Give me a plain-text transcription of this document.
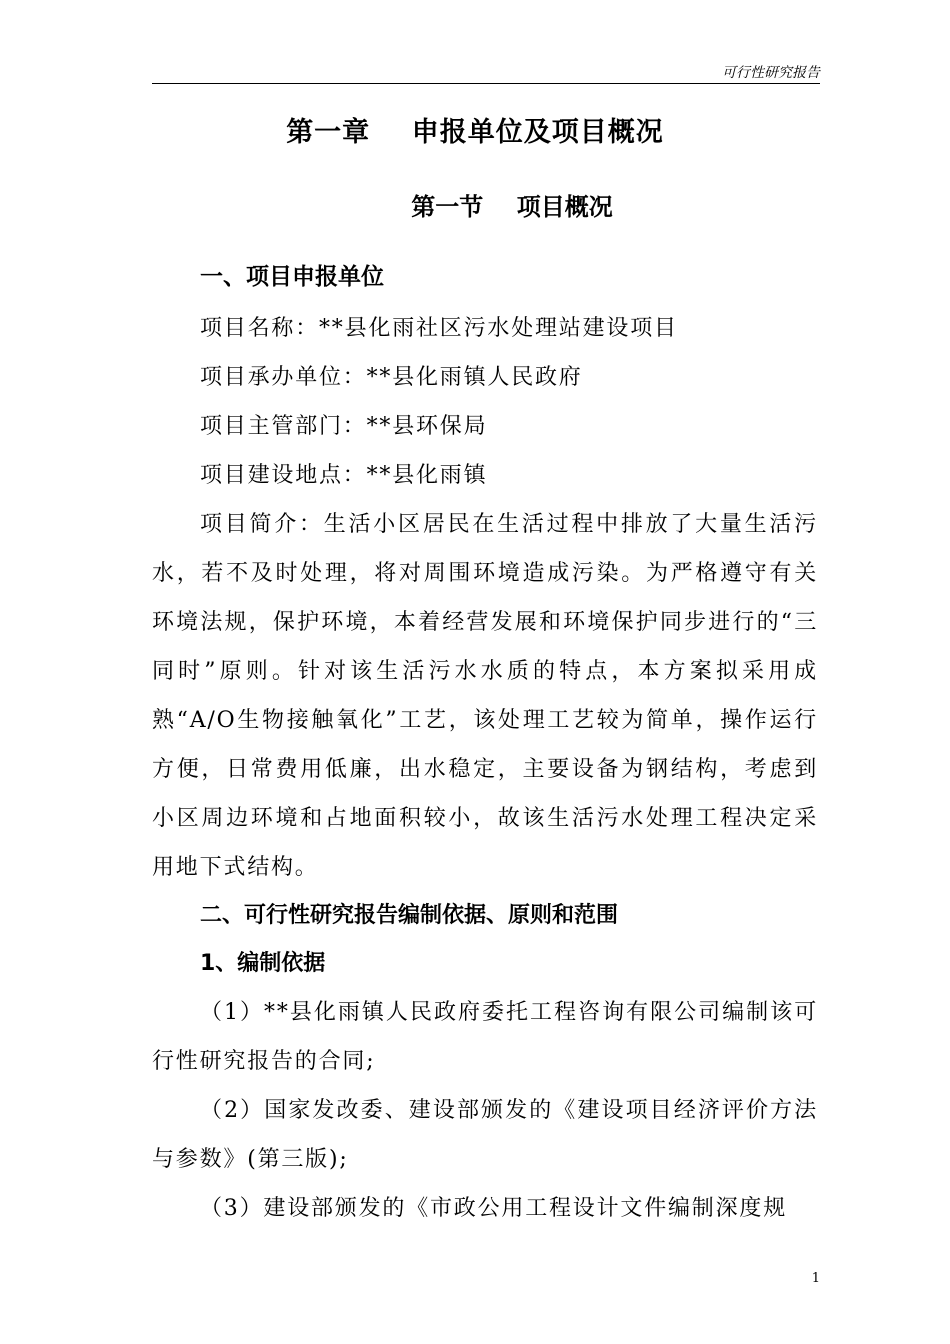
可行性研究报告
第一章    申报单位及项目概况
第一节    项目概况
一、项目申报单位

项目名称：**县化雨社区污水处理站建设项目

项目承办单位：**县化雨镇人民政府

项目主管部门：**县环保局

项目建设地点：**县化雨镇

项目简介：生活小区居民在生活过程中排放了大量生活污水，若不及时处理，将对周围环境造成污染。为严格遵守有关环境法规，保护环境，本着经营发展和环境保护同步进行的“三同时”原则。针对该生活污水水质的特点，本方案拟采用成熟“A/O生物接触氧化”工艺，该处理工艺较为简单，操作运行方便，日常费用低廉，出水稳定，主要设备为钢结构，考虑到小区周边环境和占地面积较小，故该生活污水处理工程决定采用地下式结构。

二、可行性研究报告编制依据、原则和范围
1、编制依据

（1）**县化雨镇人民政府委托工程咨询有限公司编制该可行性研究报告的合同;

（2）国家发改委、建设部颁发的《建设项目经济评价方法与参数》(第三版);

（3）建设部颁发的《市政公用工程设计文件编制深度规

1
